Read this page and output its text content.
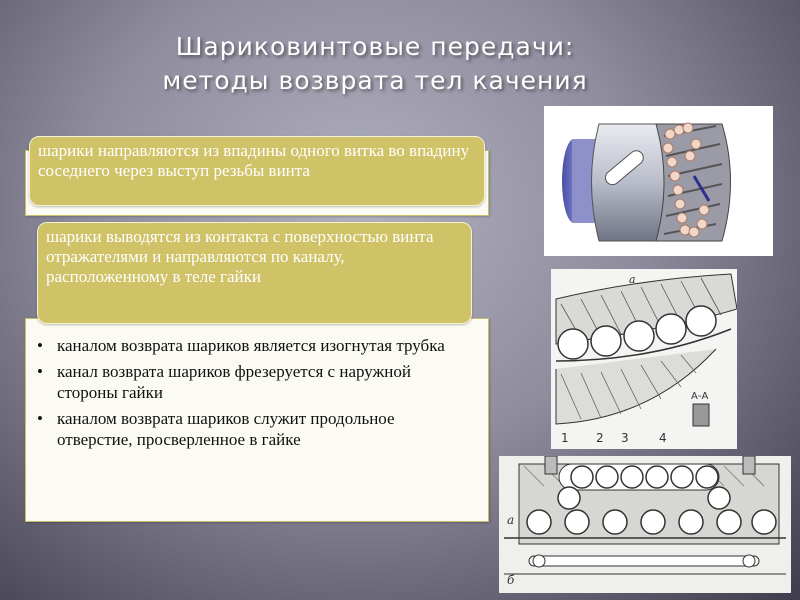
Шариковинтовые передачи:
методы возврата тел качения
шарики направляются из впадины одного витка во впадину соседнего через выступ резьбы винта
шарики выводятся из контакта с поверхностью винта отражателями и направляются по каналу, расположенному в теле гайки
• каналом возврата шариков является изогнутая трубка
• канал возврата шариков фрезеруется с наружной стороны гайки
• каналом возврата шариков служит продольное отверстие, просверленное в гайке
А-А
а
1 2 3	4
а
б
